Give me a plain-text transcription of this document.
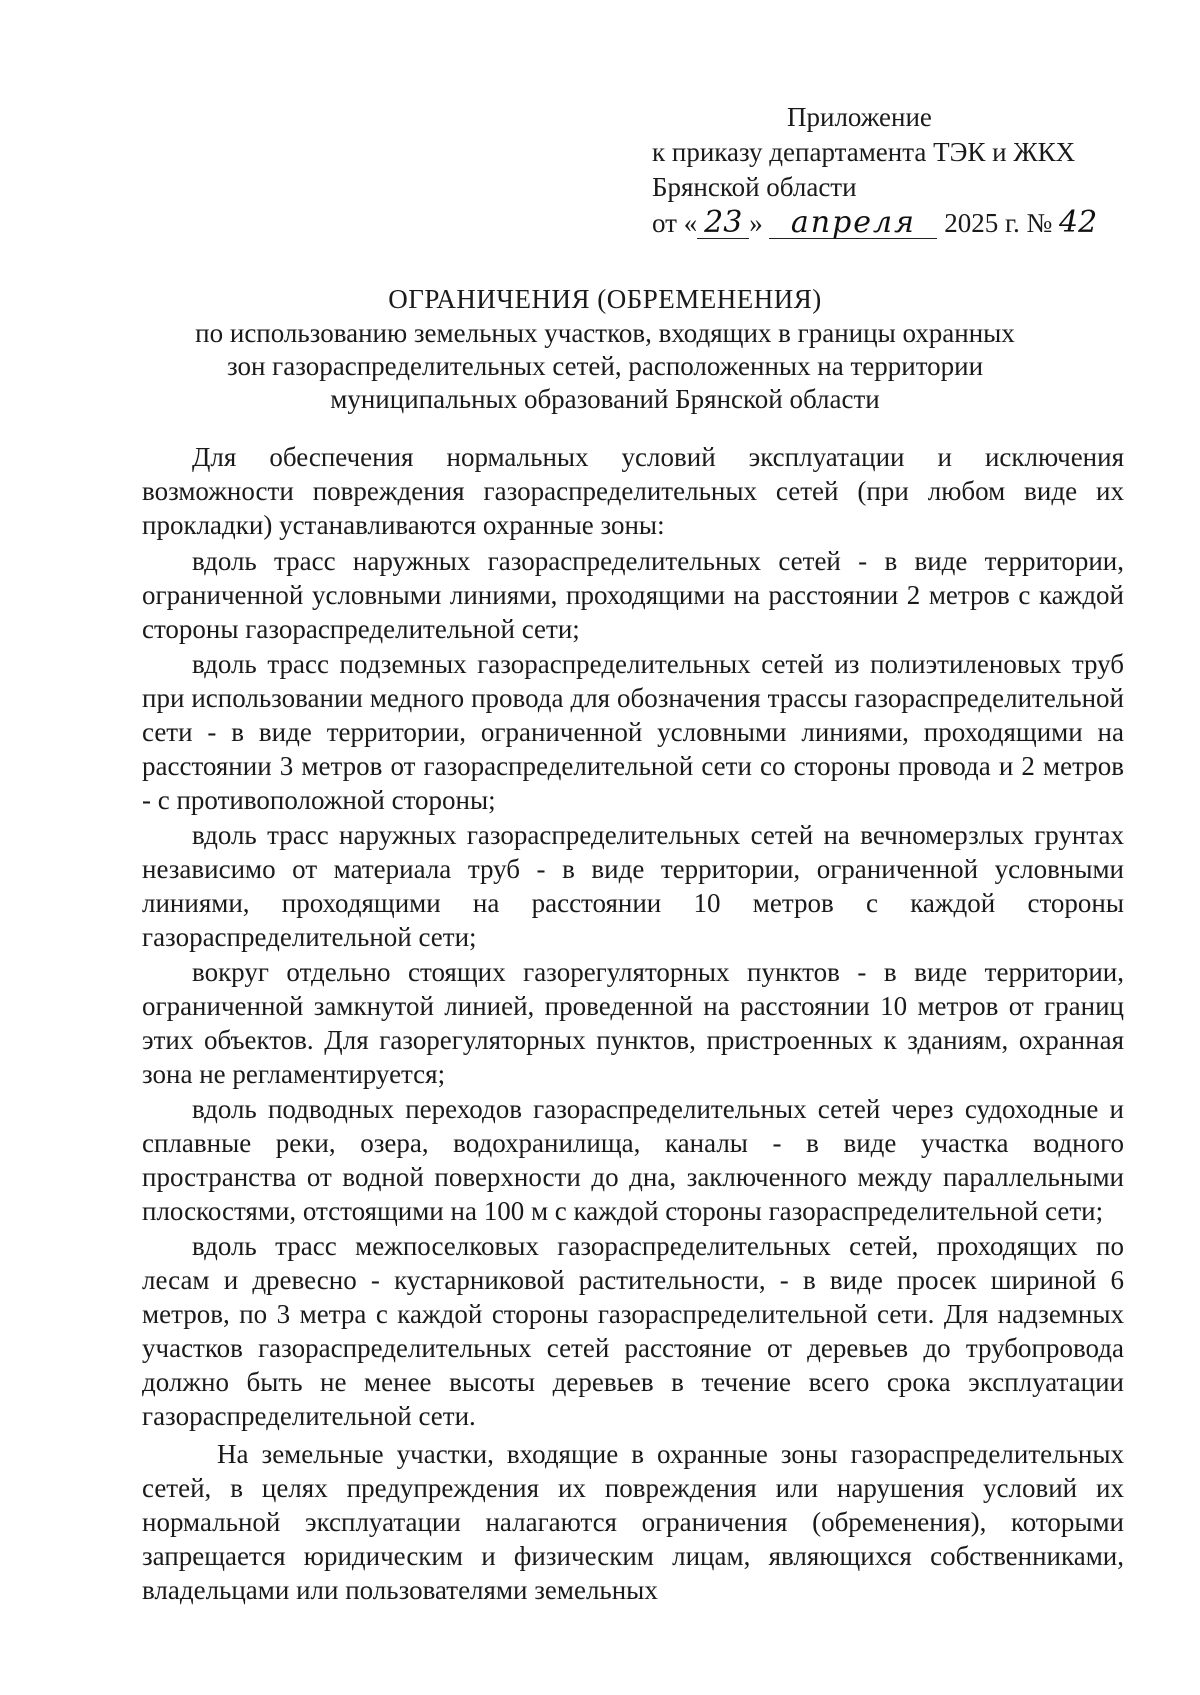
Приложение
к приказу департамента ТЭК и ЖКХ
Брянской области
от « 23 » апреля 2025 г. № 42
ОГРАНИЧЕНИЯ (ОБРЕМЕНЕНИЯ)
по использованию земельных участков, входящих в границы охранных
зон газораспределительных сетей, расположенных на территории
муниципальных образований Брянской области

Для обеспечения нормальных условий эксплуатации и исключения возможности повреждения газораспределительных сетей (при любом виде их прокладки) устанавливаются охранные зоны:

вдоль трасс наружных газораспределительных сетей - в виде территории, ограниченной условными линиями, проходящими на расстоянии 2 метров с каждой стороны газораспределительной сети;

вдоль трасс подземных газораспределительных сетей из полиэтиленовых труб при использовании медного провода для обозначения трассы газораспределительной сети - в виде территории, ограниченной условными линиями, проходящими на расстоянии 3 метров от газораспределительной сети со стороны провода и 2 метров - с противоположной стороны;

вдоль трасс наружных газораспределительных сетей на вечномерзлых грунтах независимо от материала труб - в виде территории, ограниченной условными линиями, проходящими на расстоянии 10 метров с каждой стороны газораспределительной сети;

вокруг отдельно стоящих газорегуляторных пунктов - в виде территории, ограниченной замкнутой линией, проведенной на расстоянии 10 метров от границ этих объектов. Для газорегуляторных пунктов, пристроенных к зданиям, охранная зона не регламентируется;

вдоль подводных переходов газораспределительных сетей через судоходные и сплавные реки, озера, водохранилища, каналы - в виде участка водного пространства от водной поверхности до дна, заключенного между параллельными плоскостями, отстоящими на 100 м с каждой стороны газораспределительной сети;

вдоль трасс межпоселковых газораспределительных сетей, проходящих по лесам и древесно - кустарниковой растительности, - в виде просек шириной 6 метров, по 3 метра с каждой стороны газораспределительной сети. Для надземных участков газораспределительных сетей расстояние от деревьев до трубопровода должно быть не менее высоты деревьев в течение всего срока эксплуатации газораспределительной сети.

На земельные участки, входящие в охранные зоны газораспределительных сетей, в целях предупреждения их повреждения или нарушения условий их нормальной эксплуатации налагаются ограничения (обременения), которыми запрещается юридическим и физическим лицам, являющихся собственниками, владельцами или пользователями земельных
